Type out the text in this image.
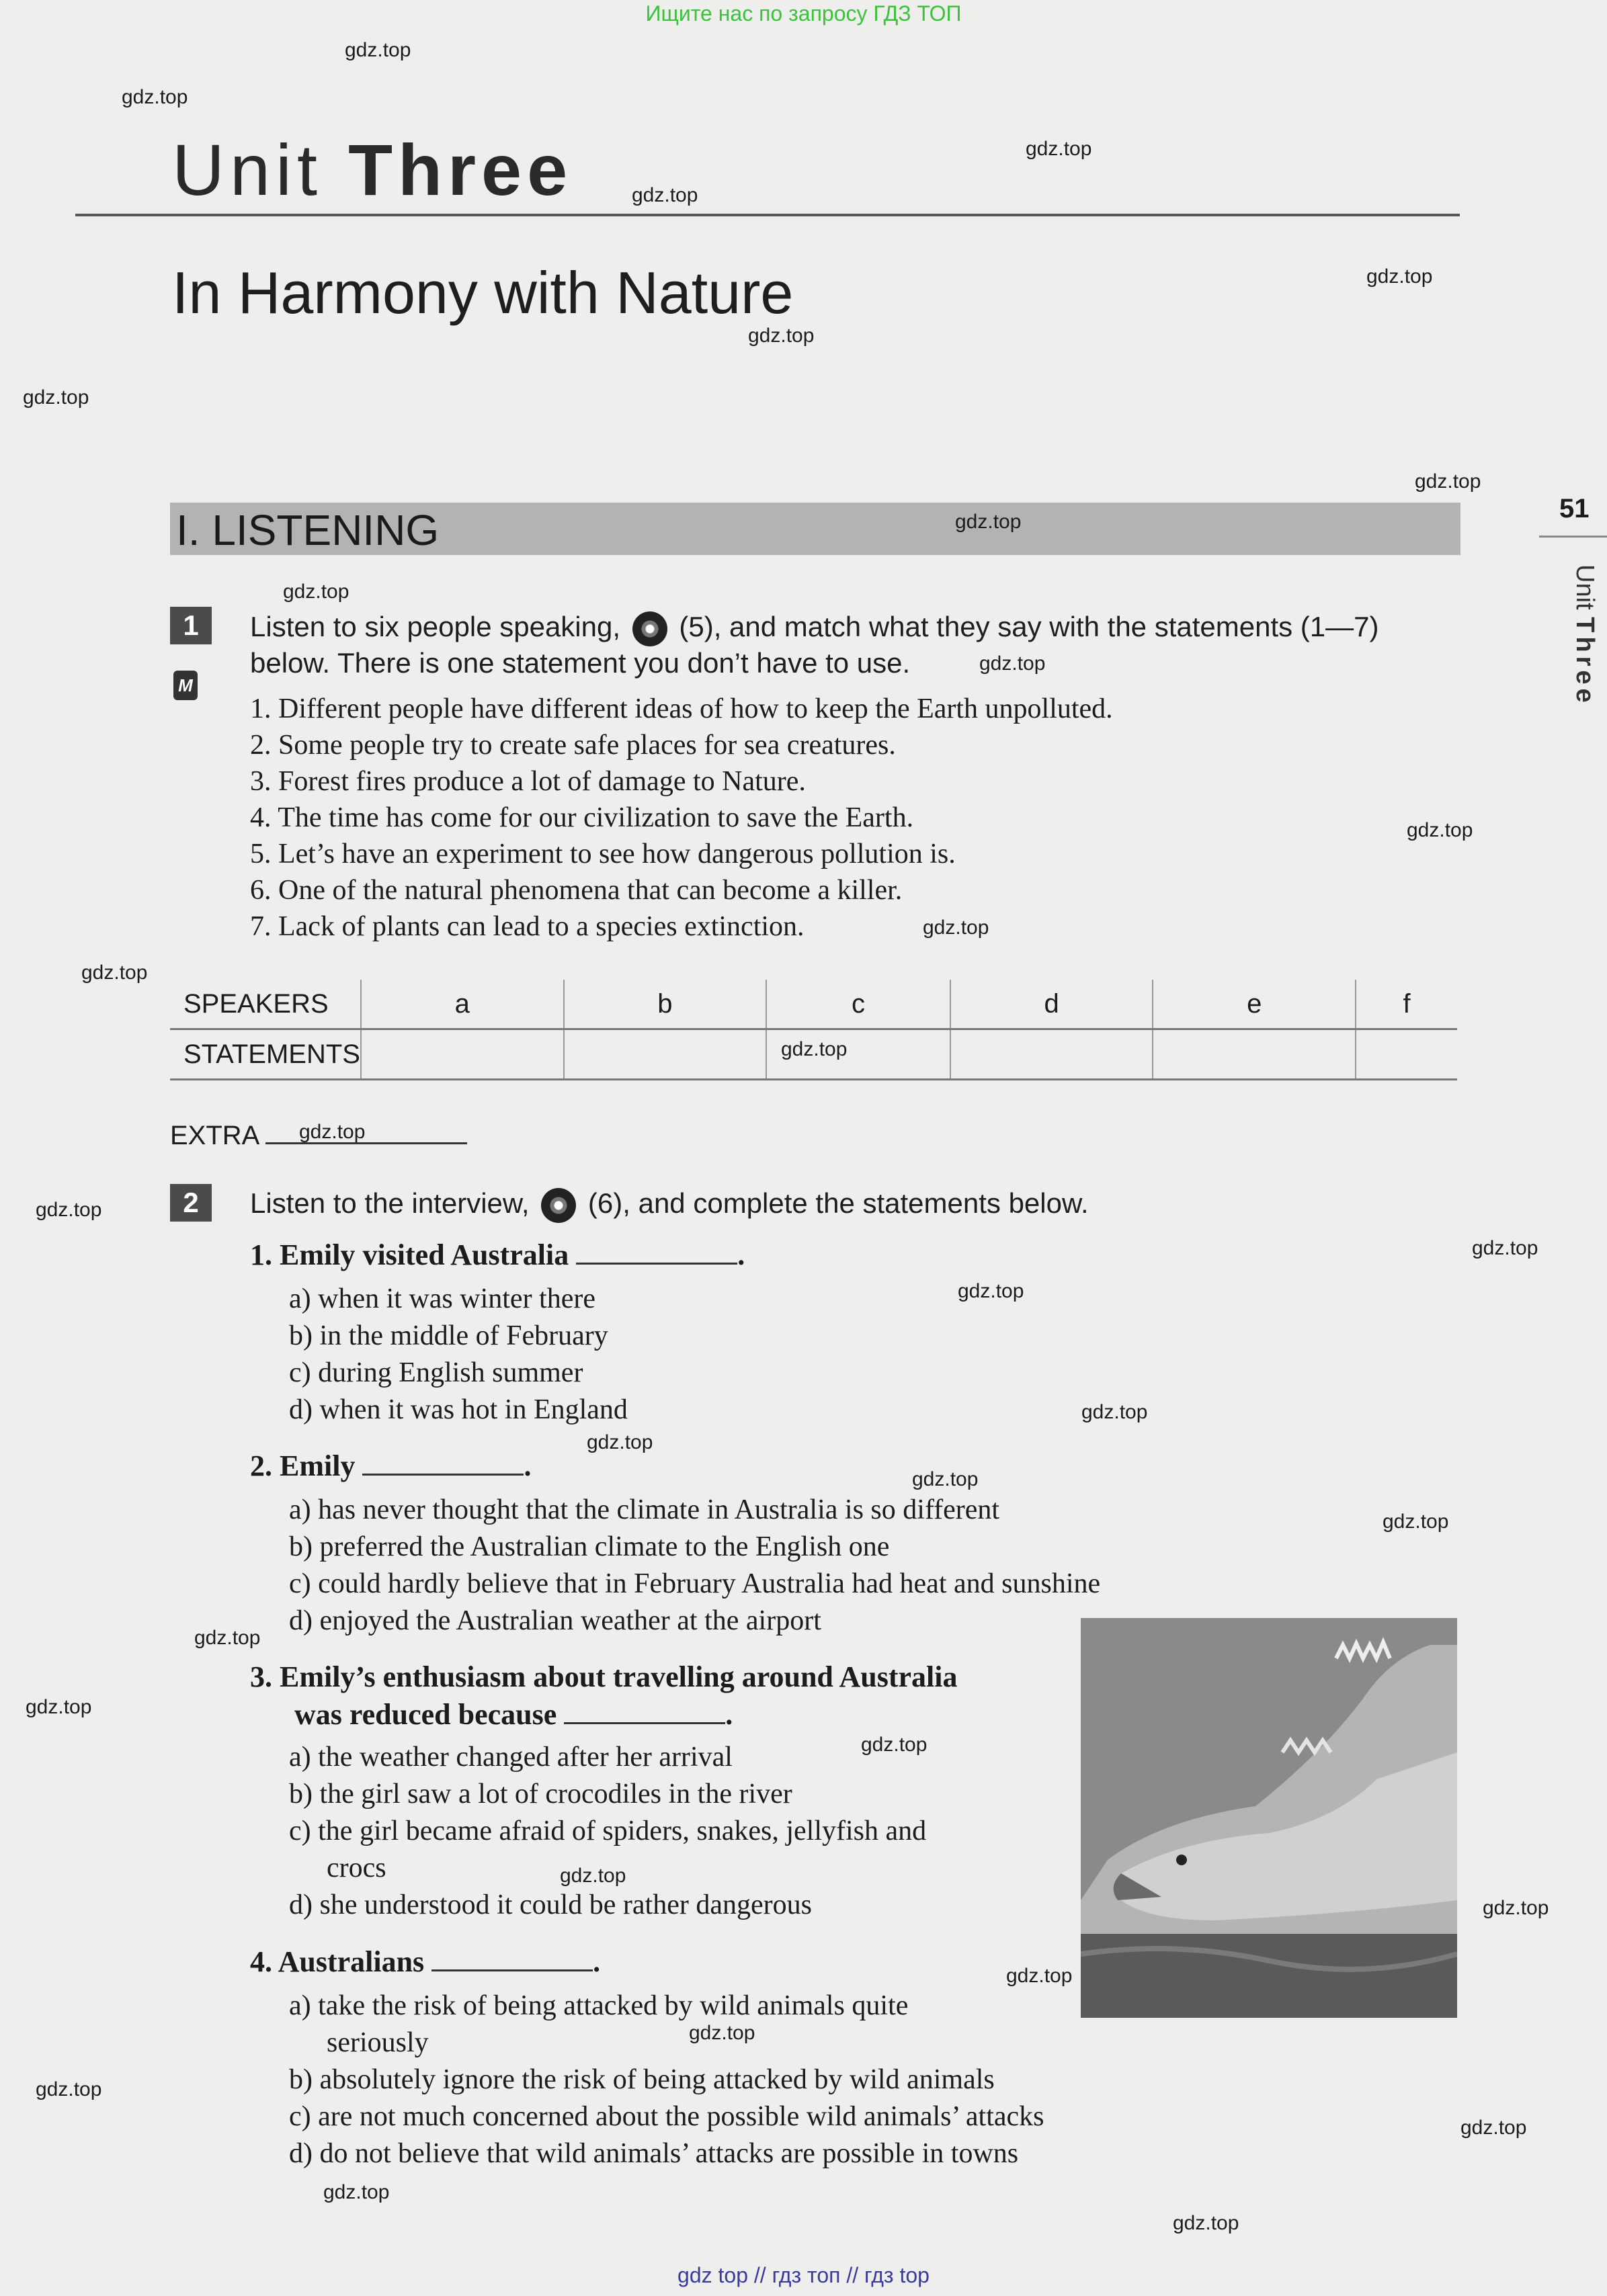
Ищите нас по запросу ГДЗ ТОП
Unit Three
In Harmony with Nature
51
Unit Three
I. LISTENING
1
M
Listen to six people speaking, (5), and match what they say with the statements (1—7)
below. There is one statement you don’t have to use.
1. Different people have different ideas of how to keep the Earth unpolluted.
2. Some people try to create safe places for sea creatures.
3. Forest fires produce a lot of damage to Nature.
4. The time has come for our civilization to save the Earth.
5. Let’s have an experiment to see how dangerous pollution is.
6. One of the natural phenomena that can become a killer.
7. Lack of plants can lead to a species extinction.
SPEAKERS	a	b	c	d	e	f
STATEMENTS						
EXTRA
2	Listen to the interview, (6), and complete the statements below.
1. Emily visited Australia	.
a) when it was winter there
b) in the middle of February
c) during English summer
d) when it was hot in England
2. Emily	.
a) has never thought that the climate in Australia is so different
b) preferred the Australian climate to the English one
c) could hardly believe that in February Australia had heat and sunshine
d) enjoyed the Australian weather at the airport
3. Emily’s enthusiasm about travelling around Australia
was reduced because	.
a) the weather changed after her arrival
b) the girl saw a lot of crocodiles in the river
c) the girl became afraid of spiders, snakes, jellyfish and
crocs
d) she understood it could be rather dangerous
4. Australians	.
a) take the risk of being attacked by wild animals quite
seriously
b) absolutely ignore the risk of being attacked by wild animals
c) are not much concerned about the possible wild animals’ attacks
d) do not believe that wild animals’ attacks are possible in towns
gdz.top
gdz.top
gdz.top
gdz.top
gdz.top
gdz.top
gdz.top
gdz.top
gdz.top
gdz.top
gdz.top
gdz.top
gdz.top
gdz.top
gdz.top
gdz.top
gdz.top
gdz.top
gdz.top
gdz.top
gdz.top
gdz.top
gdz.top
gdz.top
gdz.top
gdz.top
gdz.top
gdz.top
gdz.top
gdz.top
gdz.top
gdz.top
gdz.top
gdz.top
gdz top // гдз топ // гдз top
